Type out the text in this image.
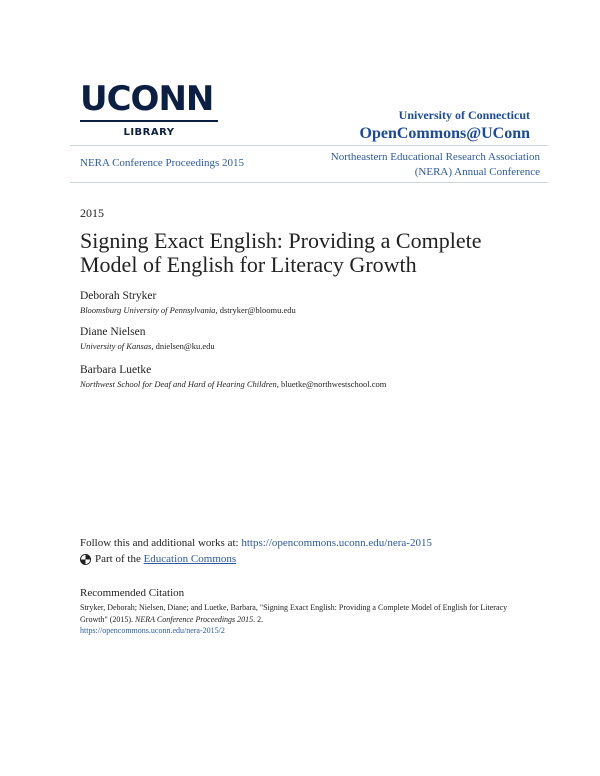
UCONN
LIBRARY
University of Connecticut
OpenCommons@UConn
NERA Conference Proceedings 2015	Northeastern Educational Research Association
(NERA) Annual Conference
2015
Signing Exact English: Providing a Complete Model of English for Literacy Growth
Deborah Stryker
Bloomsburg University of Pennsylvania, dstryker@bloomu.edu
Diane Nielsen
University of Kansas, dnielsen@ku.edu
Barbara Luetke
Northwest School for Deaf and Hard of Hearing Children, bluetke@northwestschool.com
Follow this and additional works at: https://opencommons.uconn.edu/nera-2015
Part of the
Education Commons
Recommended Citation
Stryker, Deborah; Nielsen, Diane; and Luetke, Barbara, "Signing Exact English: Providing a Complete Model of English for Literacy Growth" (2015). NERA Conference Proceedings 2015. 2.
https://opencommons.uconn.edu/nera-2015/2
